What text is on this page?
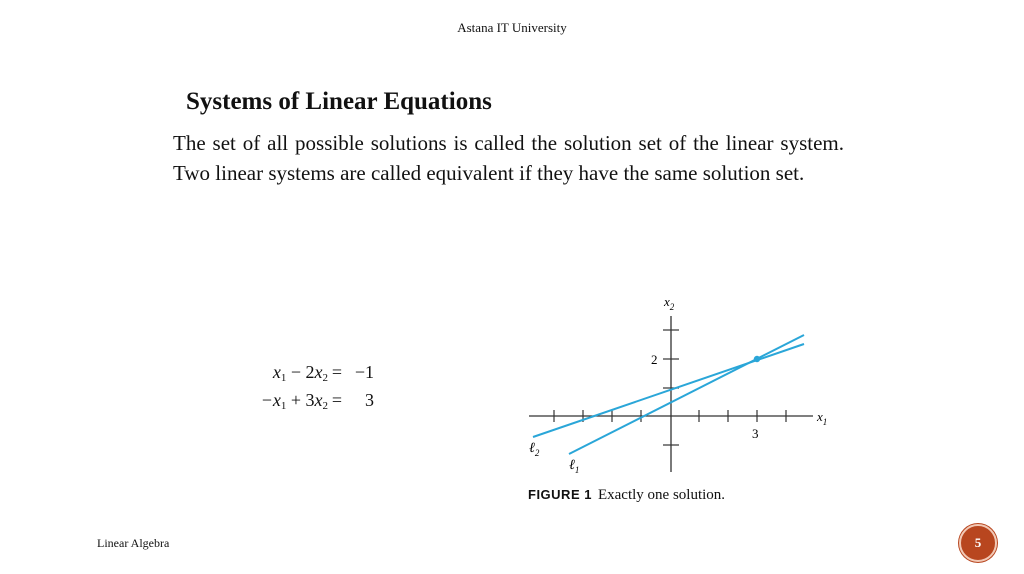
Astana IT University
Systems of Linear Equations
The set of all possible solutions is called the solution set of the linear system. Two linear systems are called equivalent if they have the same solution set.
$x_1 - 2x_2 = -1$
$-x_1 + 3x_2 = 3$
$x_2$
$x_1$
2
3
ℓ$_2$
ℓ$_1$
FIGURE 1 Exactly one solution.
Linear Algebra	5
